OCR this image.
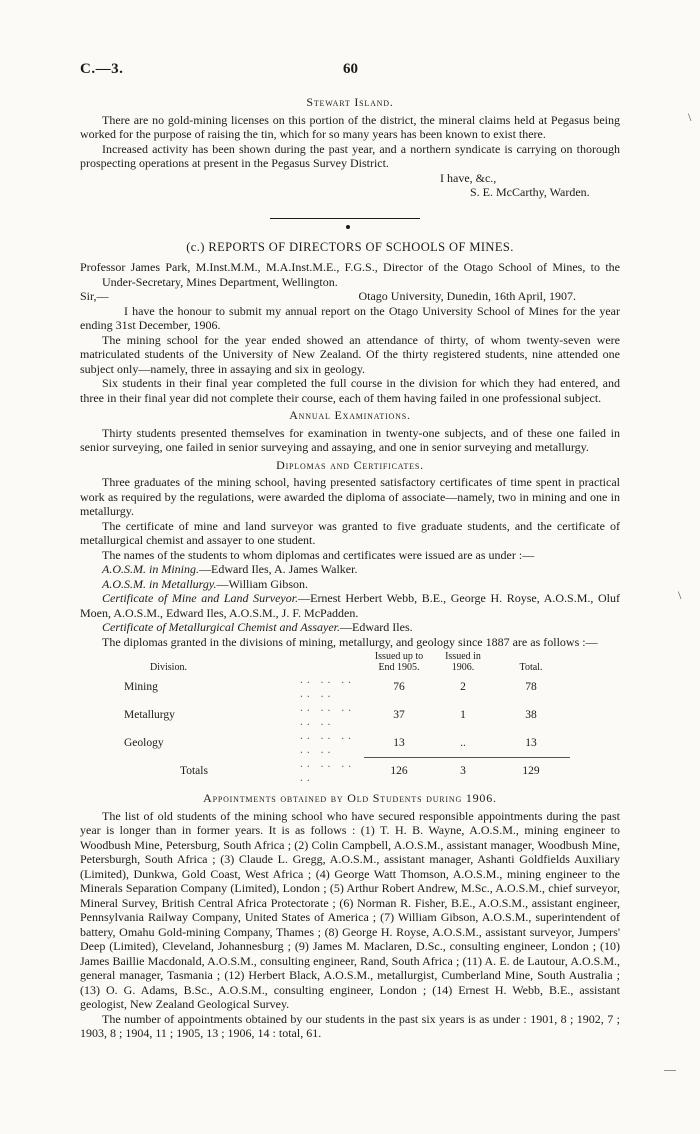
C.—3.	60
Stewart Island.

There are no gold-mining licenses on this portion of the district, the mineral claims held at Pegasus being worked for the purpose of raising the tin, which for so many years has been known to exist there.

Increased activity has been shown during the past year, and a northern syndicate is carrying on thorough prospecting operations at present in the Pegasus Survey District.

I have, &c.,
S. E. McCarthy, Warden.
(c.) REPORTS OF DIRECTORS OF SCHOOLS OF MINES.

Professor James Park, M.Inst.M.M., M.A.Inst.M.E., F.G.S., Director of the Otago School of Mines, to the Under-Secretary, Mines Department, Wellington.

Sir,—	Otago University, Dunedin, 16th April, 1907.

I have the honour to submit my annual report on the Otago University School of Mines for the year ending 31st December, 1906.

The mining school for the year ended showed an attendance of thirty, of whom twenty-seven were matriculated students of the University of New Zealand. Of the thirty registered students, nine attended one subject only—namely, three in assaying and six in geology.

Six students in their final year completed the full course in the division for which they had entered, and three in their final year did not complete their course, each of them having failed in one professional subject.

Annual Examinations.

Thirty students presented themselves for examination in twenty-one subjects, and of these one failed in senior surveying, one failed in senior surveying and assaying, and one in senior surveying and metallurgy.

Diplomas and Certificates.

Three graduates of the mining school, having presented satisfactory certificates of time spent in practical work as required by the regulations, were awarded the diploma of associate—namely, two in mining and one in metallurgy.

The certificate of mine and land surveyor was granted to five graduate students, and the certificate of metallurgical chemist and assayer to one student.

The names of the students to whom diplomas and certificates were issued are as under :—

A.O.S.M. in Mining.—Edward Iles, A. James Walker.

A.O.S.M. in Metallurgy.—William Gibson.

Certificate of Mine and Land Surveyor.—Ernest Herbert Webb, B.E., George H. Royse, A.O.S.M., Oluf Moen, A.O.S.M., Edward Iles, A.O.S.M., J. F. McPadden.

Certificate of Metallurgical Chemist and Assayer.—Edward Iles.

The diplomas granted in the divisions of mining, metallurgy, and geology since 1887 are as follows :—

Division.		Issued up to End 1905.	Issued in 1906.	Total.
Mining	.. .. .. .. ..	76	2	78
Metallurgy	.. .. .. .. ..	37	1	38
Geology	.. .. .. .. ..	13	..	13
Totals	.. .. .. ..	126	3	129
Appointments obtained by Old Students during 1906.

The list of old students of the mining school who have secured responsible appointments during the past year is longer than in former years. It is as follows : (1) T. H. B. Wayne, A.O.S.M., mining engineer to Woodbush Mine, Petersburg, South Africa ; (2) Colin Campbell, A.O.S.M., assistant manager, Woodbush Mine, Petersburgh, South Africa ; (3) Claude L. Gregg, A.O.S.M., assistant manager, Ashanti Goldfields Auxiliary (Limited), Dunkwa, Gold Coast, West Africa ; (4) George Watt Thomson, A.O.S.M., mining engineer to the Minerals Separation Company (Limited), London ; (5) Arthur Robert Andrew, M.Sc., A.O.S.M., chief surveyor, Mineral Survey, British Central Africa Protectorate ; (6) Norman R. Fisher, B.E., A.O.S.M., assistant engineer, Pennsylvania Railway Company, United States of America ; (7) William Gibson, A.O.S.M., superintendent of battery, Omahu Gold-mining Company, Thames ; (8) George H. Royse, A.O.S.M., assistant surveyor, Jumpers' Deep (Limited), Cleveland, Johannesburg ; (9) James M. Maclaren, D.Sc., consulting engineer, London ; (10) James Baillie Macdonald, A.O.S.M., consulting engineer, Rand, South Africa ; (11) A. E. de Lautour, A.O.S.M., general manager, Tasmania ; (12) Herbert Black, A.O.S.M., metallurgist, Cumberland Mine, South Australia ; (13) O. G. Adams, B.Sc., A.O.S.M., consulting engineer, London ; (14) Ernest H. Webb, B.E., assistant geologist, New Zealand Geological Survey.

The number of appointments obtained by our students in the past six years is as under : 1901, 8 ; 1902, 7 ; 1903, 8 ; 1904, 11 ; 1905, 13 ; 1906, 14 : total, 61.

\
\
—
